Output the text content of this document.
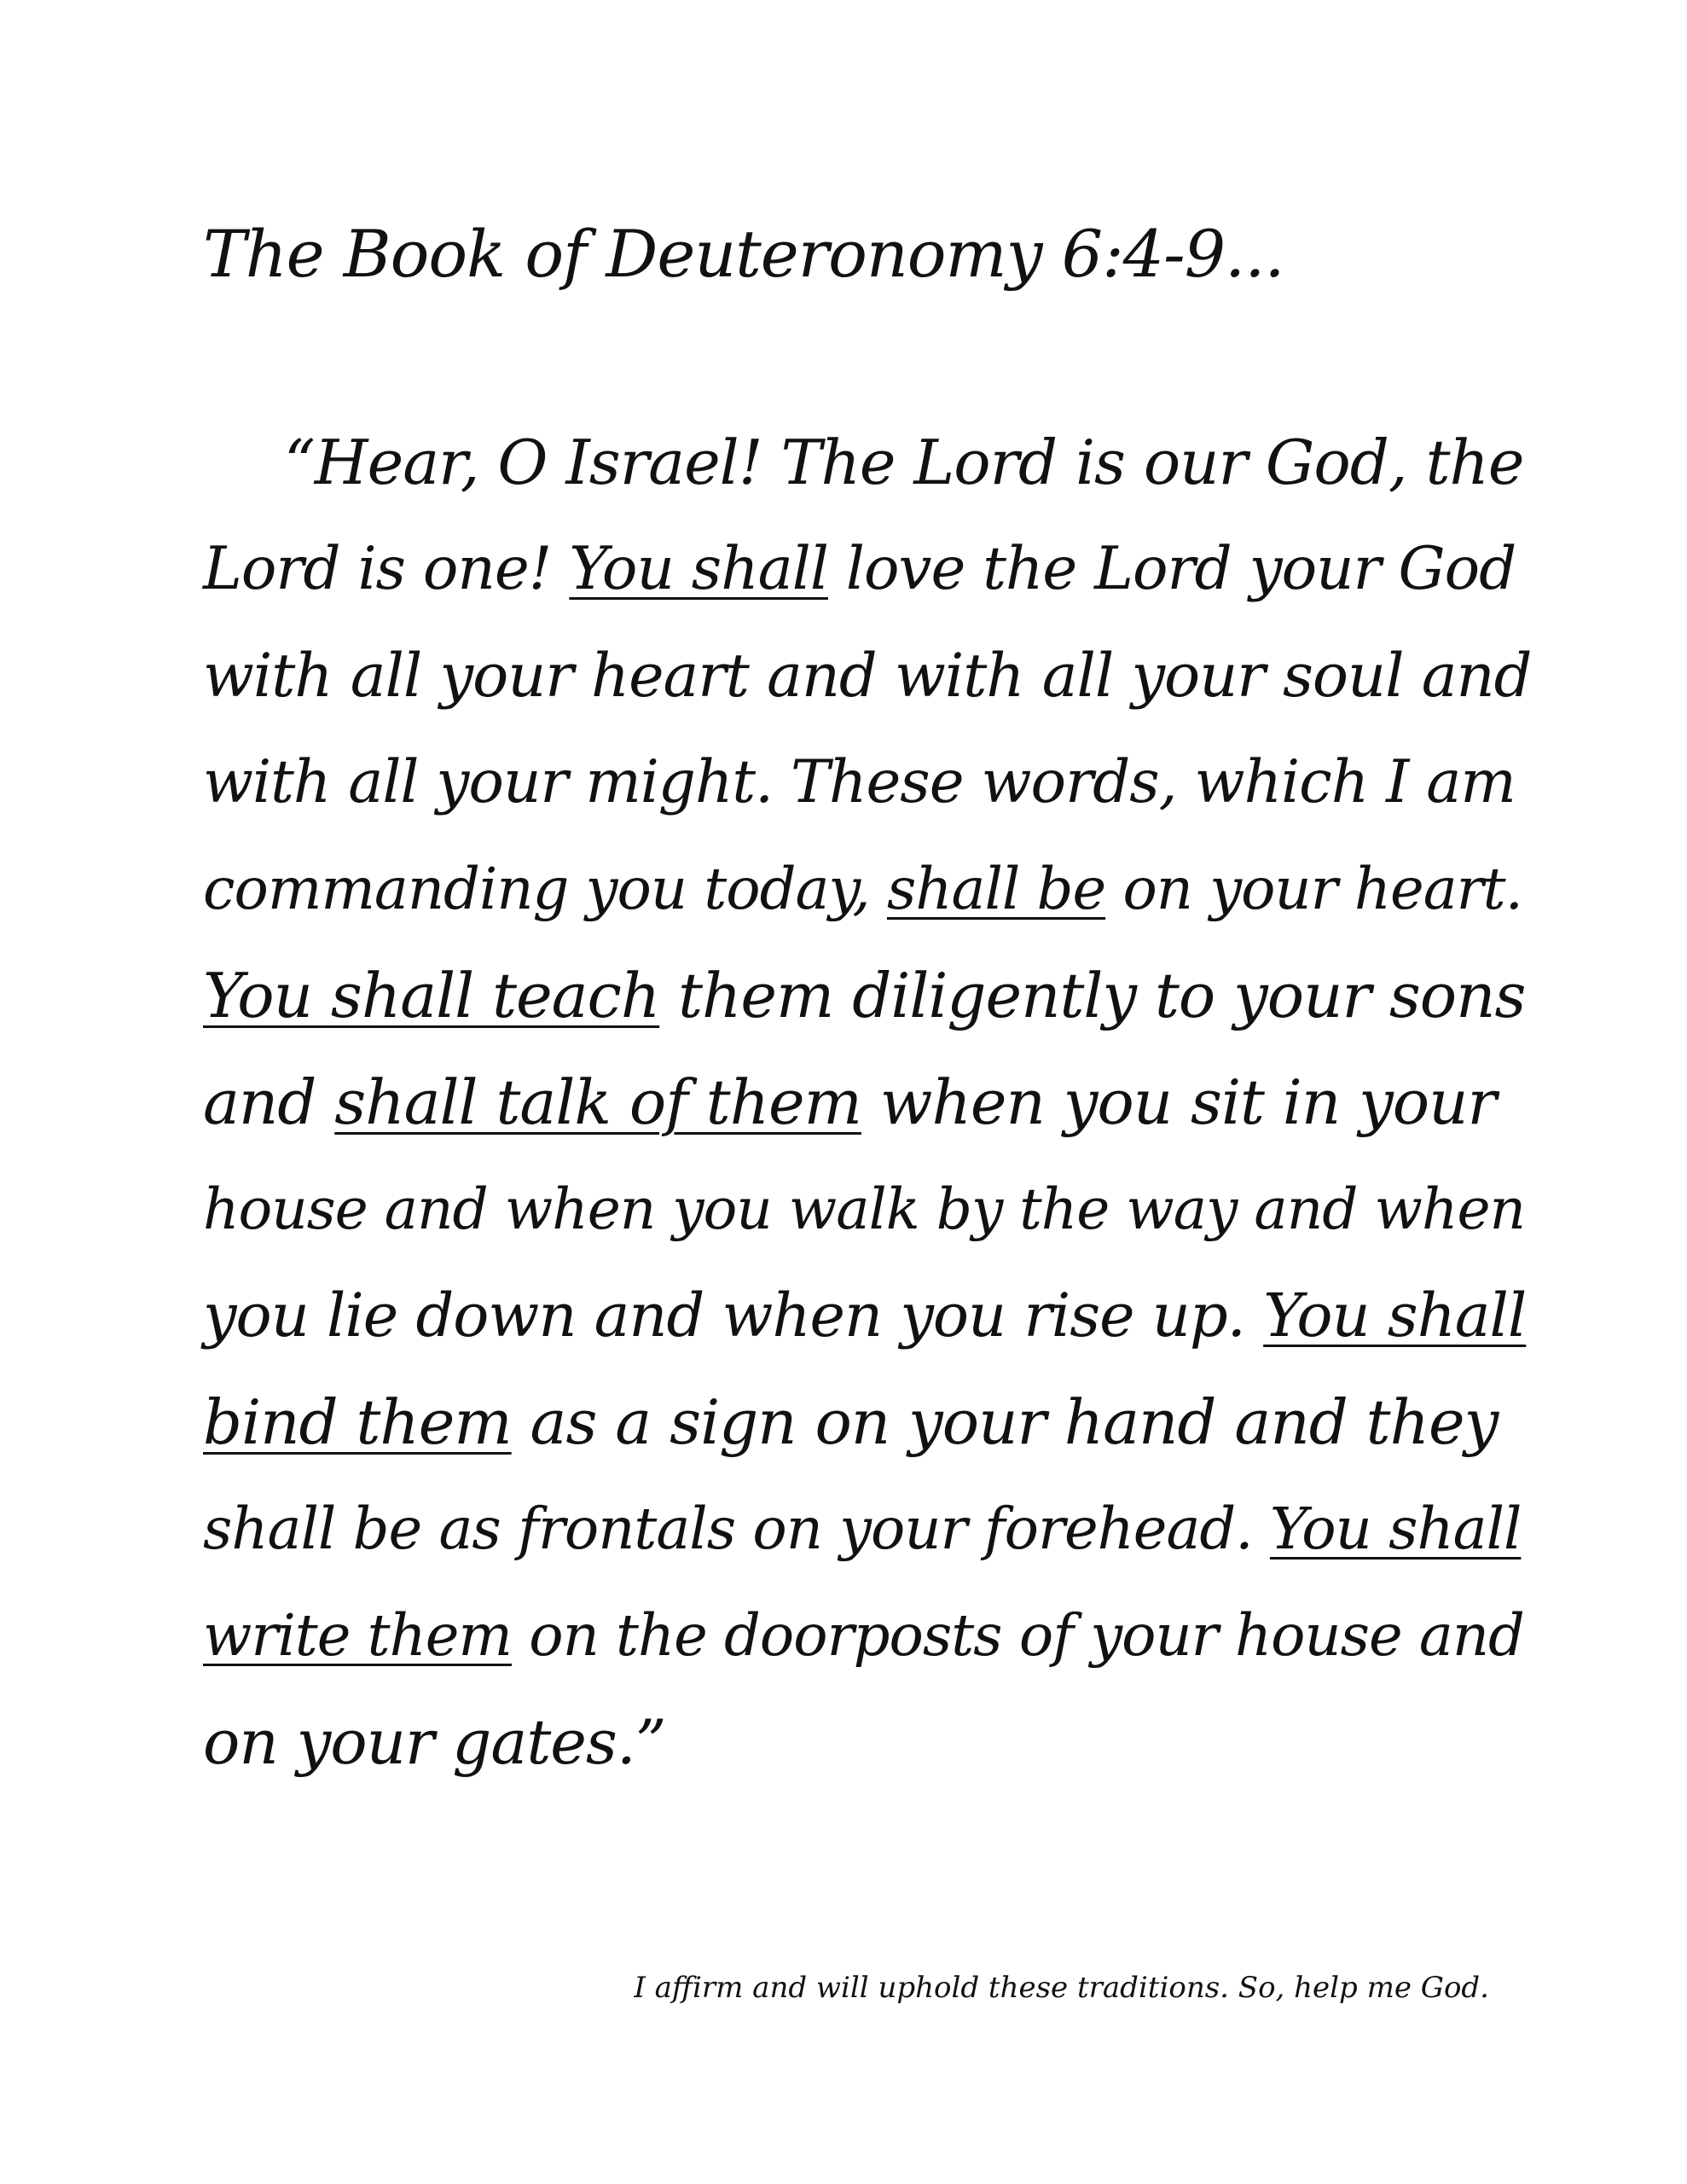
The Book of Deuteronomy 6:4-9...
“Hear, O Israel! The Lord is our God, the
Lord is one! You shall love the Lord your God
with all your heart and with all your soul and
with all your might. These words, which I am
commanding you today, shall be on your heart.
You shall teach them diligently to your sons
and shall talk of them when you sit in your
house and when you walk by the way and when
you lie down and when you rise up. You shall
bind them as a sign on your hand and they
shall be as frontals on your forehead. You shall
write them on the doorposts of your house and
on your gates.”
I affirm and will uphold these traditions. So, help me God.
